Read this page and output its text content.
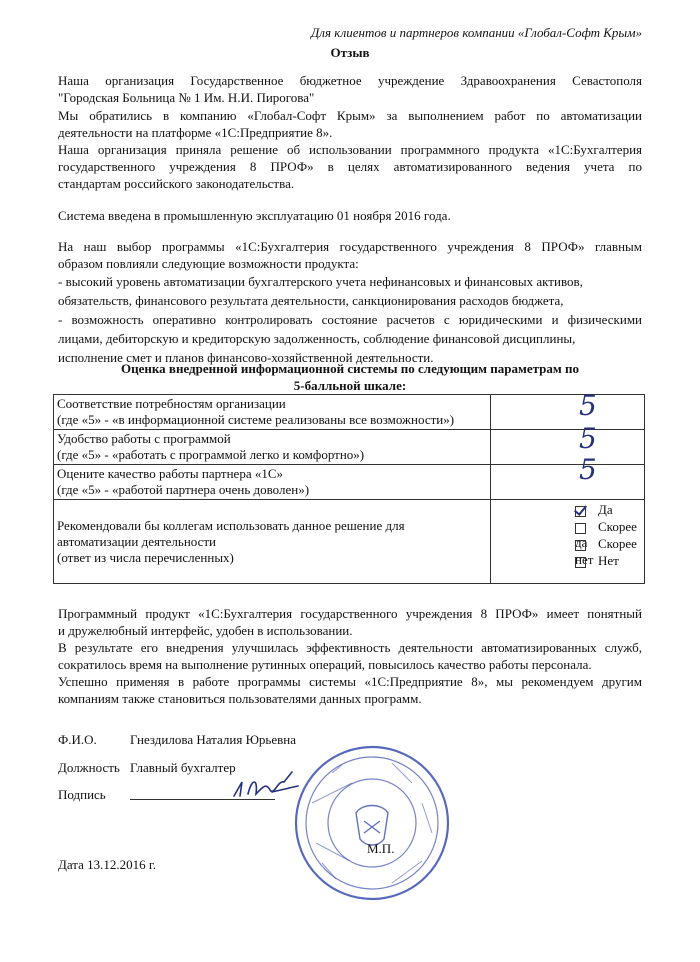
Для клиентов и партнеров компании «Глобал-Софт Крым»
Отзыв
Наша организация Государственное бюджетное учреждение Здравоохранения Севастополя
"Городская Больница № 1 Им. Н.И. Пирогова"
Мы обратились в компанию «Глобал-Софт Крым» за выполнением работ по автоматизации
деятельности на платформе «1С:Предприятие 8».
Наша организация приняла решение об использовании программного продукта «1С:Бухгалтерия
государственного учреждения 8 ПРОФ» в целях автоматизированного ведения учета по
стандартам российского законодательства.
Система введена в промышленную эксплуатацию 01 ноября 2016 года.
На наш выбор программы «1С:Бухгалтерия государственного учреждения 8 ПРОФ» главным
образом повлияли следующие возможности продукта:
- высокий уровень автоматизации бухгалтерского учета нефинансовых и финансовых активов,
обязательств, финансового результата деятельности, санкционирования расходов бюджета,
- возможность оперативно контролировать состояние расчетов с юридическими и физическими
лицами, дебиторскую и кредиторскую задолженность, соблюдение финансовой дисциплины,
исполнение смет и планов финансово-хозяйственной деятельности.
Оценка внедренной информационной системы по следующим параметрам по
5-балльной шкале:
Соответствие потребностям организации
(где «5» - «в информационной системе реализованы все возможности»)	5

Удобство работы с программой
(где «5» - «работать с программой легко и комфортно»)	5

Оцените качество работы партнера «1С»
(где «5» - «работой партнера очень доволен»)	5

Рекомендовали бы коллегам использовать данное решение для
автоматизации деятельности
(ответ из числа перечисленных)	Да
Скорее да Скорее нет Нет
Программный продукт «1С:Бухгалтерия государственного учреждения 8 ПРОФ» имеет понятный
и дружелюбный интерфейс, удобен в использовании.
В результате его внедрения улучшилась эффективность деятельности автоматизированных служб,
сократилось время на выполнение рутинных операций, повысилось качество работы персонала.
Успешно применяя в работе программы системы «1С:Предприятие 8», мы рекомендуем другим
компаниям также становиться пользователями данных программ.
Ф.И.О.	Гнездилова Наталия Юрьевна
Должность Главный бухгалтер
Подпись
М.П.
Дата 13.12.2016 г.
